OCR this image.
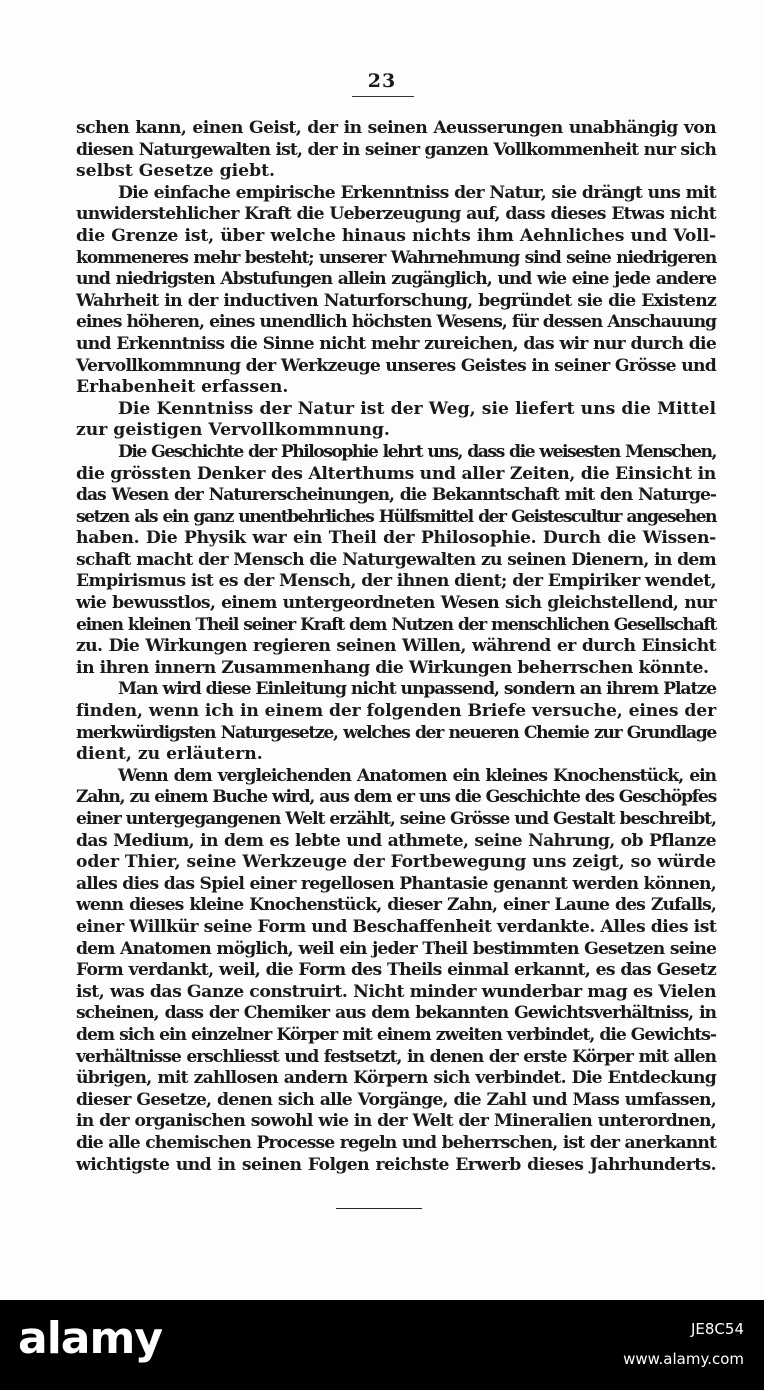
23
schen kann, einen Geist, der in seinen Aeusserungen unabhängig von
diesen Naturgewalten ist, der in seiner ganzen Vollkommenheit nur sich
selbst Gesetze giebt.
Die einfache empirische Erkenntniss der Natur, sie drängt uns mit
unwiderstehlicher Kraft die Ueberzeugung auf, dass dieses Etwas nicht
die Grenze ist, über welche hinaus nichts ihm Aehnliches und Voll-
kommeneres mehr besteht; unserer Wahrnehmung sind seine niedrigeren
und niedrigsten Abstufungen allein zugänglich, und wie eine jede andere
Wahrheit in der inductiven Naturforschung, begründet sie die Existenz
eines höheren, eines unendlich höchsten Wesens, für dessen Anschauung
und Erkenntniss die Sinne nicht mehr zureichen, das wir nur durch die
Vervollkommnung der Werkzeuge unseres Geistes in seiner Grösse und
Erhabenheit erfassen.
Die Kenntniss der Natur ist der Weg, sie liefert uns die Mittel
zur geistigen Vervollkommnung.
Die Geschichte der Philosophie lehrt uns, dass die weisesten Menschen,
die grössten Denker des Alterthums und aller Zeiten, die Einsicht in
das Wesen der Naturerscheinungen, die Bekanntschaft mit den Naturge-
setzen als ein ganz unentbehrliches Hülfsmittel der Geistescultur angesehen
haben. Die Physik war ein Theil der Philosophie. Durch die Wissen-
schaft macht der Mensch die Naturgewalten zu seinen Dienern, in dem
Empirismus ist es der Mensch, der ihnen dient; der Empiriker wendet,
wie bewusstlos, einem untergeordneten Wesen sich gleichstellend, nur
einen kleinen Theil seiner Kraft dem Nutzen der menschlichen Gesellschaft
zu. Die Wirkungen regieren seinen Willen, während er durch Einsicht
in ihren innern Zusammenhang die Wirkungen beherrschen könnte.
Man wird diese Einleitung nicht unpassend, sondern an ihrem Platze
finden, wenn ich in einem der folgenden Briefe versuche, eines der
merkwürdigsten Naturgesetze, welches der neueren Chemie zur Grundlage
dient, zu erläutern.
Wenn dem vergleichenden Anatomen ein kleines Knochenstück, ein
Zahn, zu einem Buche wird, aus dem er uns die Geschichte des Geschöpfes
einer untergegangenen Welt erzählt, seine Grösse und Gestalt beschreibt,
das Medium, in dem es lebte und athmete, seine Nahrung, ob Pflanze
oder Thier, seine Werkzeuge der Fortbewegung uns zeigt, so würde
alles dies das Spiel einer regellosen Phantasie genannt werden können,
wenn dieses kleine Knochenstück, dieser Zahn, einer Laune des Zufalls,
einer Willkür seine Form und Beschaffenheit verdankte. Alles dies ist
dem Anatomen möglich, weil ein jeder Theil bestimmten Gesetzen seine
Form verdankt, weil, die Form des Theils einmal erkannt, es das Gesetz
ist, was das Ganze construirt. Nicht minder wunderbar mag es Vielen
scheinen, dass der Chemiker aus dem bekannten Gewichtsverhältniss, in
dem sich ein einzelner Körper mit einem zweiten verbindet, die Gewichts-
verhältnisse erschliesst und festsetzt, in denen der erste Körper mit allen
übrigen, mit zahllosen andern Körpern sich verbindet. Die Entdeckung
dieser Gesetze, denen sich alle Vorgänge, die Zahl und Mass umfassen,
in der organischen sowohl wie in der Welt der Mineralien unterordnen,
die alle chemischen Processe regeln und beherrschen, ist der anerkannt
wichtigste und in seinen Folgen reichste Erwerb dieses Jahrhunderts.
alamy	JE8C54
www.alamy.com
